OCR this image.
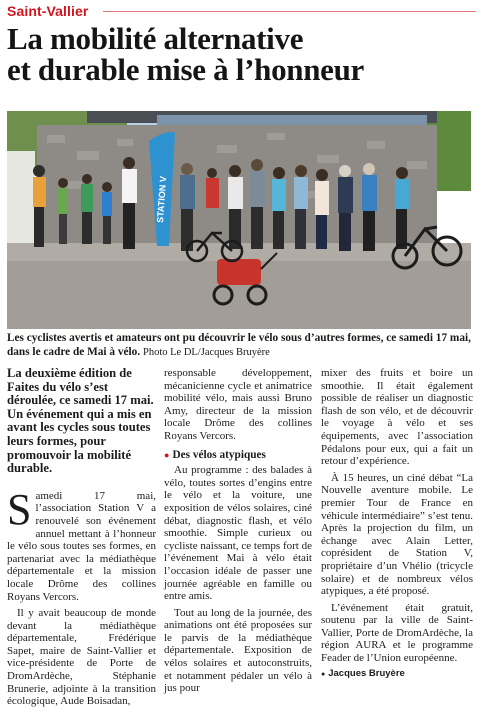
Saint-Vallier
La mobilité alternative
et durable mise à l’honneur
STATION V
Les cyclistes avertis et amateurs ont pu découvrir le vélo sous d’autres formes, ce samedi 17 mai, dans le cadre de Mai à vélo. Photo Le DL/Jacques Bruyère

La deuxième édition de Faites du vélo s’est déroulée, ce samedi 17 mai. Un événement qui a mis en avant les cycles sous toutes leurs formes, pour promouvoir la mobilité durable.

Samedi 17 mai, l’association Station V a renouvelé son événement annuel mettant à l’honneur le vélo sous toutes ses formes, en partenariat avec la médiathèque départementale et la mission locale Drôme des collines Royans Vercors.

Il y avait beaucoup de monde devant la médiathèque départementale, Frédérique Sapet, maire de Saint-Vallier et vice-présidente de Porte de DromArdèche, Stéphanie Brunerie, adjointe à la transition écologique, Aude Boisadan,

responsable développement, mécanicienne cycle et animatrice mobilité vélo, mais aussi Bruno Amy, directeur de la mission locale Drôme des collines Royans Vercors.

● Des vélos atypiques

Au programme : des balades à vélo, toutes sortes d’engins entre le vélo et la voiture, une exposition de vélos solaires, ciné débat, diagnostic flash, et vélo smoothie. Simple curieux ou cycliste naissant, ce temps fort de l’événement Mai à vélo était l’occasion idéale de passer une journée agréable en famille ou entre amis.

Tout au long de la journée, des animations ont été proposées sur le parvis de la médiathèque départementale. Exposition de vélos solaires et autoconstruits, et notamment pédaler un vélo à jus pour

mixer des fruits et boire un smoothie. Il était également possible de réaliser un diagnostic flash de son vélo, et de découvrir le voyage à vélo et ses équipements, avec l’association Pédalons pour eux, qui a fait un retour d’expérience.

À 15 heures, un ciné débat “La Nouvelle aventure mobile. Le premier Tour de France en véhicule intermédiaire” s’est tenu. Après la projection du film, un échange avec Alain Letter, coprésident de Station V, propriétaire d’un Vhélio (tricycle solaire) et de nombreux vélos atypiques, a été proposé.

L’événement était gratuit, soutenu par la ville de Saint-Vallier, Porte de DromArdèche, la région AURA et le programme Feader de l’Union européenne.

● Jacques Bruyère
